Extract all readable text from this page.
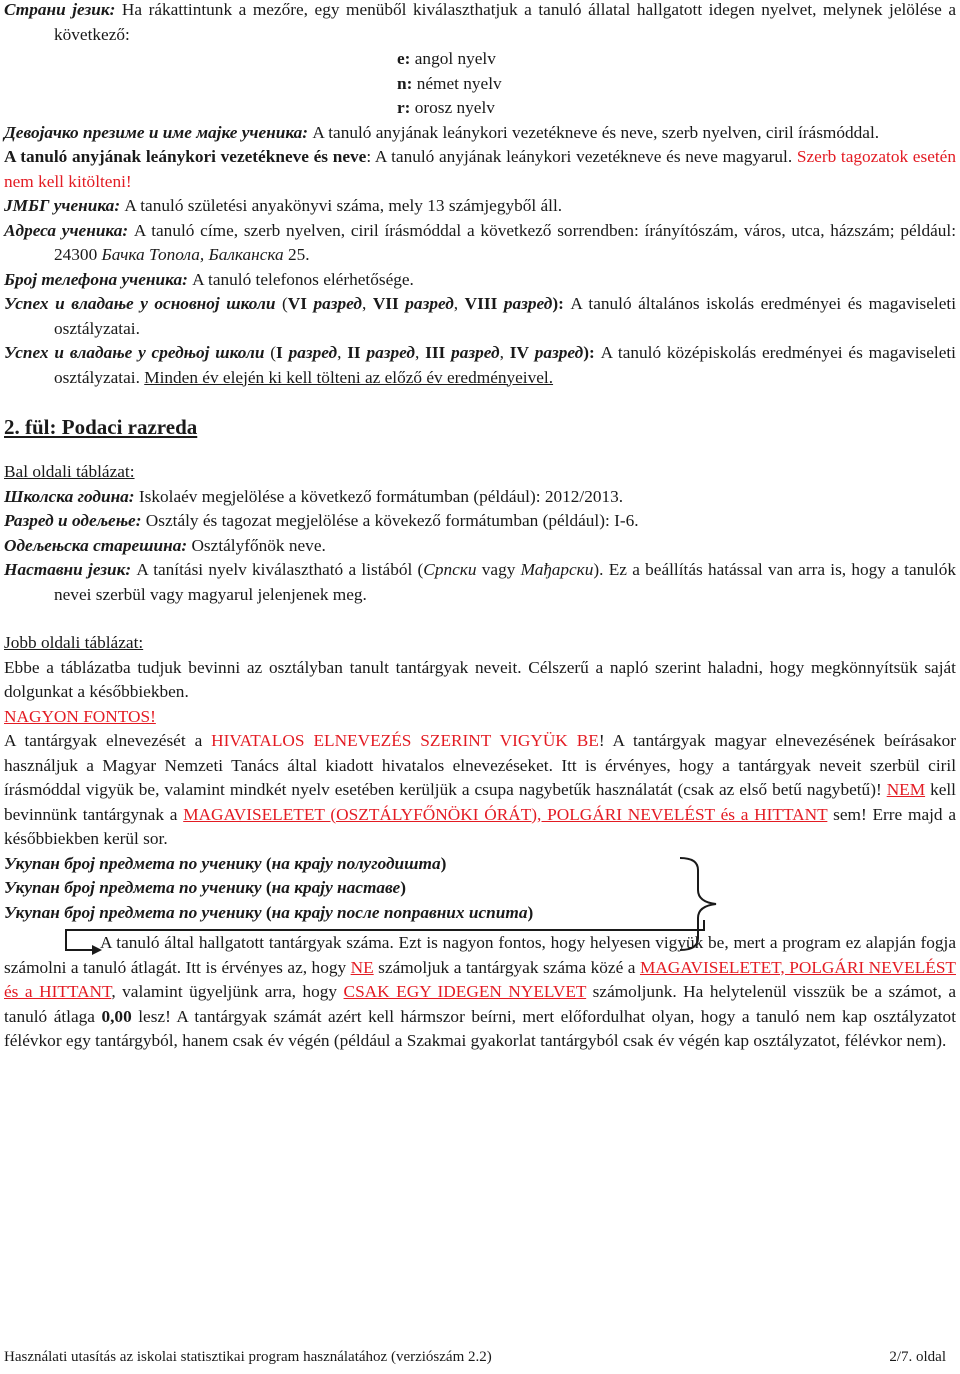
Страни језик: Ha rákattintunk a mezőre, egy menüből kiválaszthatjuk a tanuló állatal hallgatott idegen nyelvet, melynek jelölése a következő:

e: angol nyelv

n: német nyelv

r: orosz nyelv

Девојачко презиме и име мајке ученика: A tanuló anyjának leánykori vezetékneve és neve, szerb nyelven, ciril írásmóddal.

A tanuló anyjának leánykori vezetékneve és neve: A tanuló anyjának leánykori vezetékneve és neve magyarul. Szerb tagozatok esetén nem kell kitölteni!

ЈМБГ ученика: A tanuló születési anyakönyvi száma, mely 13 számjegyből áll.

Адреса ученика: A tanuló címe, szerb nyelven, ciril írásmóddal a következő sorrendben: írányítószám, város, utca, házszám; például: 24300 Бачка Топола, Балканска 25.

Број телефона ученика: A tanuló telefonos elérhetősége.

Успех и владање у основној школи (VI разред, VII разред, VIII разред): A tanuló általános iskolás eredményei és magaviseleti osztályzatai.

Успех и владање у средњој школи (I разред, II разред, III разред, IV разред): A tanuló középiskolás eredményei és magaviseleti osztályzatai. Minden év elején ki kell tölteni az előző év eredményeivel.

2. fül: Podaci razreda

Bal oldali táblázat:

Школска година: Iskolaév megjelölése a következő formátumban (például): 2012/2013.

Разред и одељење: Osztály és tagozat megjelölése a kövekező formátumban (például): I-6.

Одељењска старешина: Osztályfőnök neve.

Наставни језик: A tanítási nyelv kiválasztható a listából (Српски vagy Мађарски). Ez a beállítás hatással van arra is, hogy a tanulók nevei szerbül vagy magyarul jelenjenek meg.

Jobb oldali táblázat:

Ebbe a táblázatba tudjuk bevinni az osztályban tanult tantárgyak neveit. Célszerű a napló szerint haladni, hogy megkönnyítsük saját dolgunkat a későbbiekben.

NAGYON FONTOS!

A tantárgyak elnevezését a HIVATALOS ELNEVEZÉS SZERINT VIGYÜK BE! A tantárgyak magyar elnevezésének beírásakor használjuk a Magyar Nemzeti Tanács által kiadott hivatalos elnevezéseket. Itt is érvényes, hogy a tantárgyak neveit szerbül ciril írásmóddal vigyük be, valamint mindkét nyelv esetében kerüljük a csupa nagybetűk használatát (csak az első betű nagybetű)! NEM kell bevinnünk tantárgynak a MAGAVISELETET (OSZTÁLYFŐNÖKI ÓRÁT), POLGÁRI NEVELÉST és a HITTANT sem! Erre majd a későbbiekben kerül sor.

Укупан број предмета по ученику (на крају полугодишта)

Укупан број предмета по ученику (на крају наставе)

Укупан број предмета по ученику (на крају после поправних испита)

A tanuló által hallgatott tantárgyak száma. Ezt is nagyon fontos, hogy helyesen vigyük be, mert a program ez alapján fogja számolni a tanuló átlagát. Itt is érvényes az, hogy NE számoljuk a tantárgyak száma közé a MAGAVISELETET, POLGÁRI NEVELÉST és a HITTANT, valamint ügyeljünk arra, hogy CSAK EGY IDEGEN NYELVET számoljunk. Ha helytelenül visszük be a számot, a tanuló átlaga 0,00 lesz! A tantárgyak számát azért kell hármszor beírni, mert előfordulhat olyan, hogy a tanuló nem kap osztályzatot félévkor egy tantárgyból, hanem csak év végén (például a Szakmai gyakorlat tantárgyból csak év végén kap osztályzatot, félévkor nem).

Használati utasítás az iskolai statisztikai program használatához (verziószám 2.2)	2/7. oldal
